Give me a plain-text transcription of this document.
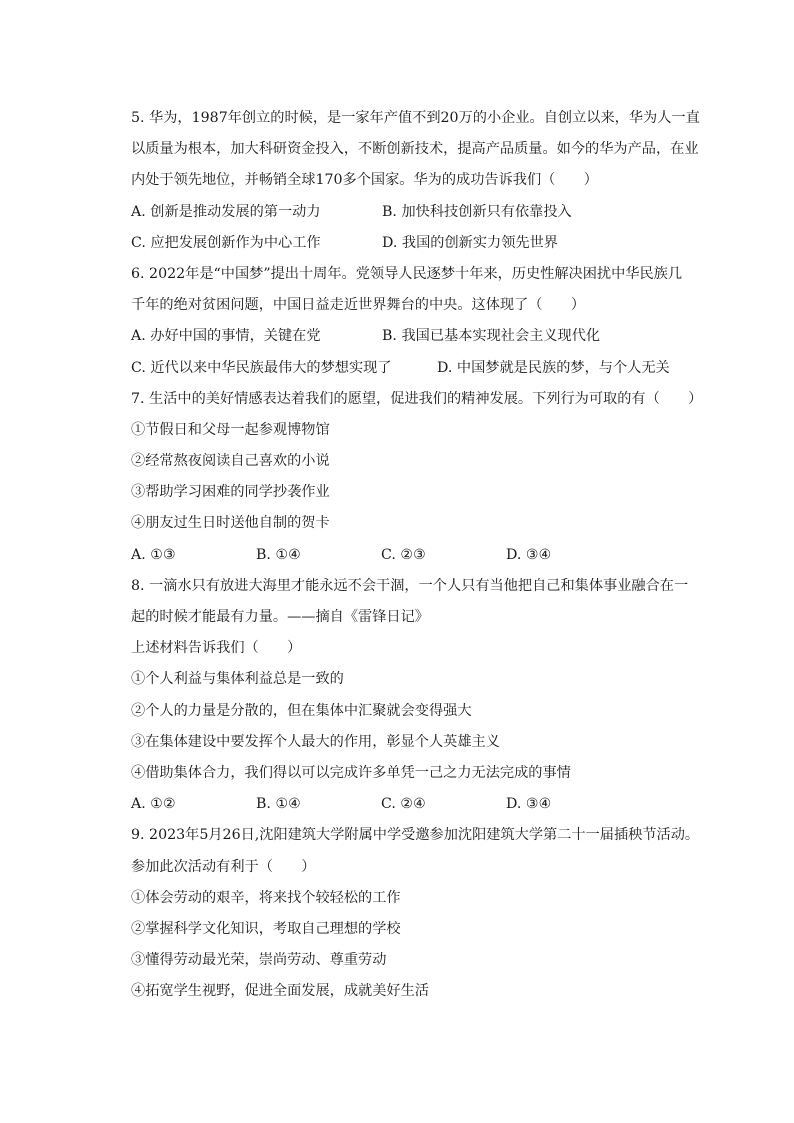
5. 华为，1987年创立的时候，是一家年产值不到20万的小企业。自创立以来，华为人一直
以质量为根本，加大科研资金投入，不断创新技术，提高产品质量。如今的华为产品，在业
内处于领先地位，并畅销全球170多个国家。华为的成功告诉我们（　　）
A. 创新是推动发展的第一动力	B. 加快科技创新只有依靠投入
C. 应把发展创新作为中心工作	D. 我国的创新实力领先世界
6. 2022年是“中国梦”提出十周年。党领导人民逐梦十年来，历史性解决困扰中华民族几
千年的绝对贫困问题，中国日益走近世界舞台的中央。这体现了（　　）
A. 办好中国的事情，关键在党	B. 我国已基本实现社会主义现代化
C. 近代以来中华民族最伟大的梦想实现了	D. 中国梦就是民族的梦，与个人无关
7. 生活中的美好情感表达着我们的愿望，促进我们的精神发展。下列行为可取的有（　　）
①节假日和父母一起参观博物馆
②经常熬夜阅读自己喜欢的小说
③帮助学习困难的同学抄袭作业
④朋友过生日时送他自制的贺卡
A. ①③	B. ①④	C. ②③	D. ③④
8. 一滴水只有放进大海里才能永远不会干涸，一个人只有当他把自己和集体事业融合在一
起的时候才能最有力量。——摘自《雷锋日记》
上述材料告诉我们（　　）
①个人利益与集体利益总是一致的
②个人的力量是分散的，但在集体中汇聚就会变得强大
③在集体建设中要发挥个人最大的作用，彰显个人英雄主义
④借助集体合力，我们得以可以完成许多单凭一己之力无法完成的事情
A. ①②	B. ①④	C. ②④	D. ③④
9. 2023年5月26日,沈阳建筑大学附属中学受邀参加沈阳建筑大学第二十一届插秧节活动。
参加此次活动有利于（　　）
①体会劳动的艰辛，将来找个较轻松的工作
②掌握科学文化知识，考取自己理想的学校
③懂得劳动最光荣，崇尚劳动、尊重劳动
④拓宽学生视野，促进全面发展，成就美好生活
